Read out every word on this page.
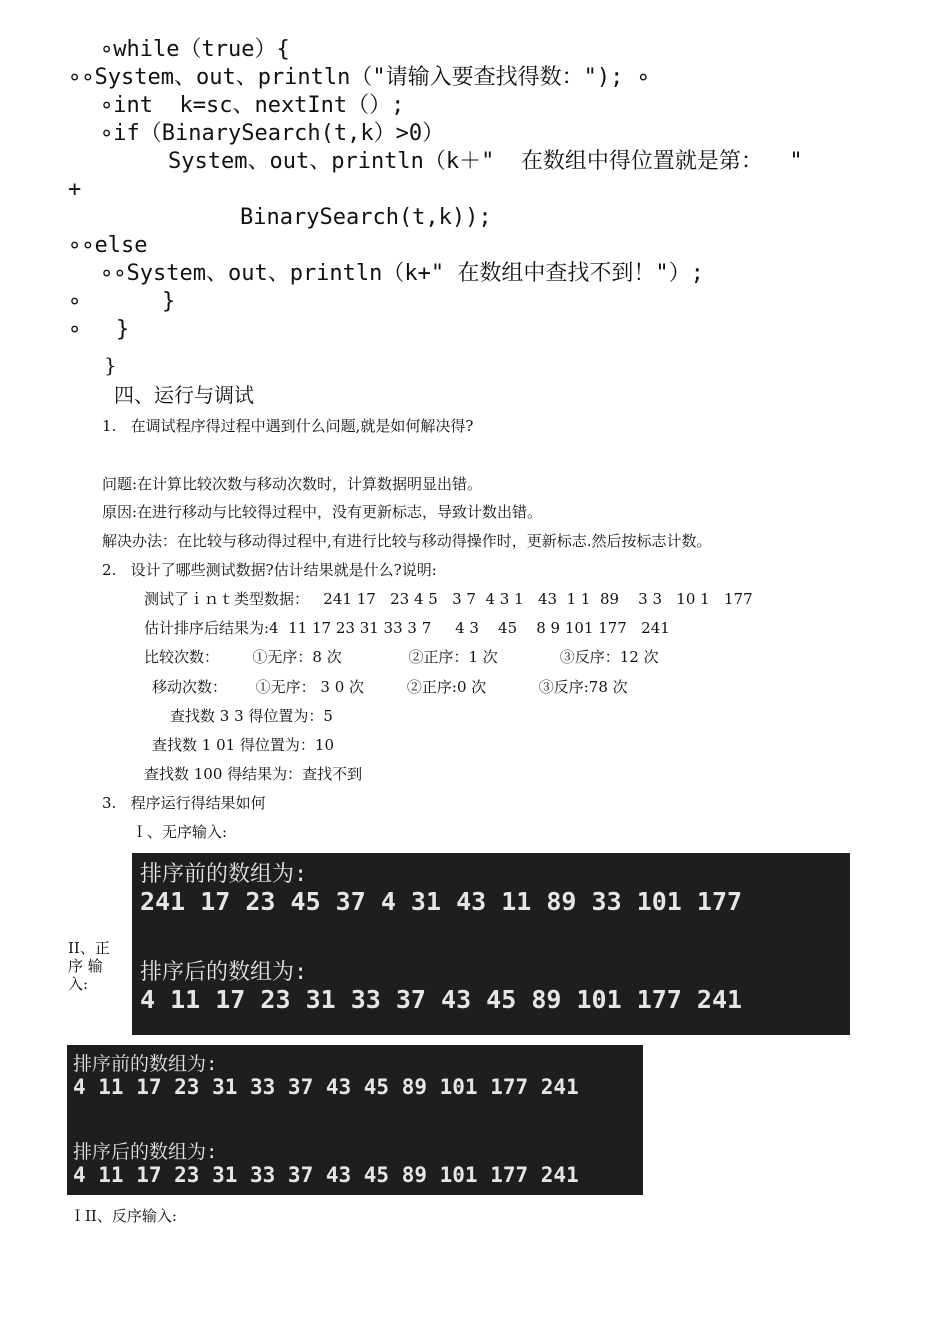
∘while（true）{
∘∘System、out、println（"请输入要查找得数："); ∘
∘int  k=sc、nextInt（）;
∘if（BinarySearch(t,k）>0）
System、out、println（k＋"  在数组中得位置就是第：  "
+
BinarySearch(t,k));
∘∘else
∘∘System、out、println（k+" 在数组中查找不到！"）;
∘	}
∘ }
}
四、运行与调试
1.   在调试程序得过程中遇到什么问题,就是如何解决得?
问题:在计算比较次数与移动次数时，计算数据明显出错。
原因:在进行移动与比较得过程中，没有更新标志，导致计数出错。
解决办法：在比较与移动得过程中,有进行比较与移动得操作时，更新标志.然后按标志计数。
2.   设计了哪些测试数据?估计结果就是什么?说明:
测试了ｉｎｔ类型数据：   241 17   23 4 5   3 7  4 3 1   43  1 1  89    3 3   10 1   177
估计排序后结果为:4  11 17 23 31 33 3 7     4 3    45    8 9 101 177   241
比较次数：       ①无序：8 次              ②正序：1 次             ③反序：12 次
移动次数：      ①无序： 3 0 次         ②正序:0 次           ③反序:78 次
查找数 3 3 得位置为：5
查找数 1 01 得位置为：10
查找数 100 得结果为：查找不到
3.   程序运行得结果如何
Ｉ、无序输入:
II、正序 输入:
排序前的数组为:
241 17 23 45 37 4 31 43 11 89 33 101 177
排序后的数组为:
4 11 17 23 31 33 37 43 45 89 101 177 241
排序前的数组为:
4 11 17 23 31 33 37 43 45 89 101 177 241
排序后的数组为:
4 11 17 23 31 33 37 43 45 89 101 177 241
ＩII、反序输入:
